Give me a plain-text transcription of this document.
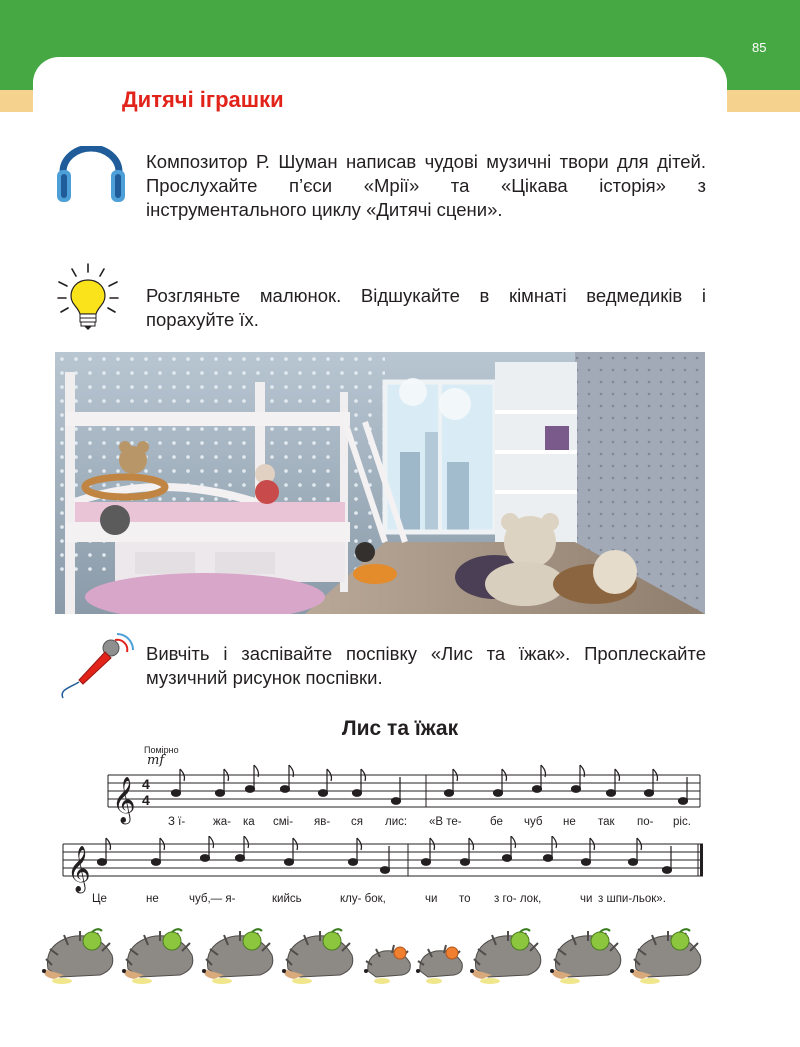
85
Дитячі іграшки
Композитор Р. Шуман написав чудові музичні твори для дітей. Прослухайте п’єси «Мрії» та «Цікава історія» з інструментального циклу «Дитячі сцени».
Розгляньте малюнок. Відшукайте в кімнаті ведмедиків і порахуйте їх.
Вивчіть і заспівайте поспівку «Лис та їжак». Проплескайте музичний рисунок поспівки.
Лис та їжак
Помірно
mf
𝄞 4
4
З ї- жа- ка смі- яв- ся лис: «В те- бе чуб не так по- ріс.
𝄞
Це	не	чуб,— я-	кийсь	клу- бок,	чи то з го- лок,	чи з шпи-льок».
